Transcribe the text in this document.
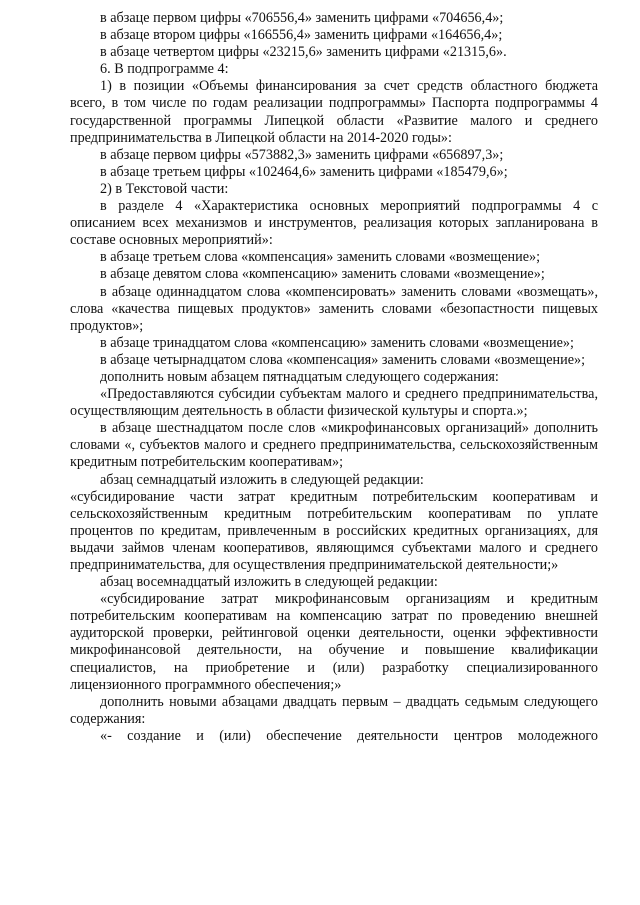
в абзаце первом цифры «706556,4» заменить цифрами «704656,4»;

в абзаце втором цифры «166556,4» заменить цифрами «164656,4»;

в абзаце четвертом цифры «23215,6» заменить цифрами «21315,6».

6. В подпрограмме 4:

1) в позиции «Объемы финансирования за счет средств областного бюджета всего, в том числе по годам реализации подпрограммы» Паспорта подпрограммы 4 государственной программы Липецкой области «Развитие малого и среднего предпринимательства в Липецкой области на 2014-2020 годы»:

в абзаце первом цифры «573882,3» заменить цифрами «656897,3»;

в абзаце третьем цифры «102464,6» заменить цифрами «185479,6»;

2) в Текстовой части:

в разделе 4 «Характеристика основных мероприятий подпрограммы 4 с описанием всех механизмов и инструментов, реализация которых запланирована в составе основных мероприятий»:

в абзаце третьем слова «компенсация» заменить словами «возмещение»;

в абзаце девятом слова «компенсацию» заменить словами «возмещение»;

в абзаце одиннадцатом слова «компенсировать» заменить словами «возмещать», слова «качества пищевых продуктов» заменить словами «безопастности пищевых продуктов»;

в абзаце тринадцатом слова «компенсацию» заменить словами «возмещение»;

в абзаце четырнадцатом слова «компенсация» заменить словами «возмещение»;

дополнить новым абзацем пятнадцатым следующего содержания:

«Предоставляются субсидии субъектам малого и среднего предпринимательства, осуществляющим деятельность в области физической культуры и спорта.»;

в абзаце шестнадцатом после слов «микрофинансовых организаций» дополнить словами «, субъектов малого и среднего предпринимательства, сельскохозяйственным кредитным потребительским кооперативам»;

абзац семнадцатый изложить в следующей редакции:

«субсидирование части затрат кредитным потребительским кооперативам и сельскохозяйственным кредитным потребительским кооперативам по уплате процентов по кредитам, привлеченным в российских кредитных организациях, для выдачи займов членам кооперативов, являющимся субъектами малого и среднего предпринимательства, для осуществления предпринимательской деятельности;»

абзац восемнадцатый изложить в следующей редакции:

«субсидирование затрат микрофинансовым организациям и кредитным потребительским кооперативам на компенсацию затрат по проведению внешней аудиторской проверки, рейтинговой оценки деятельности, оценки эффективности микрофинансовой деятельности, на обучение и повышение квалификации специалистов, на приобретение и (или) разработку специализированного лицензионного программного обеспечения;»

дополнить новыми абзацами двадцать первым – двадцать седьмым следующего содержания:

«- создание и (или) обеспечение деятельности центров молодежного
